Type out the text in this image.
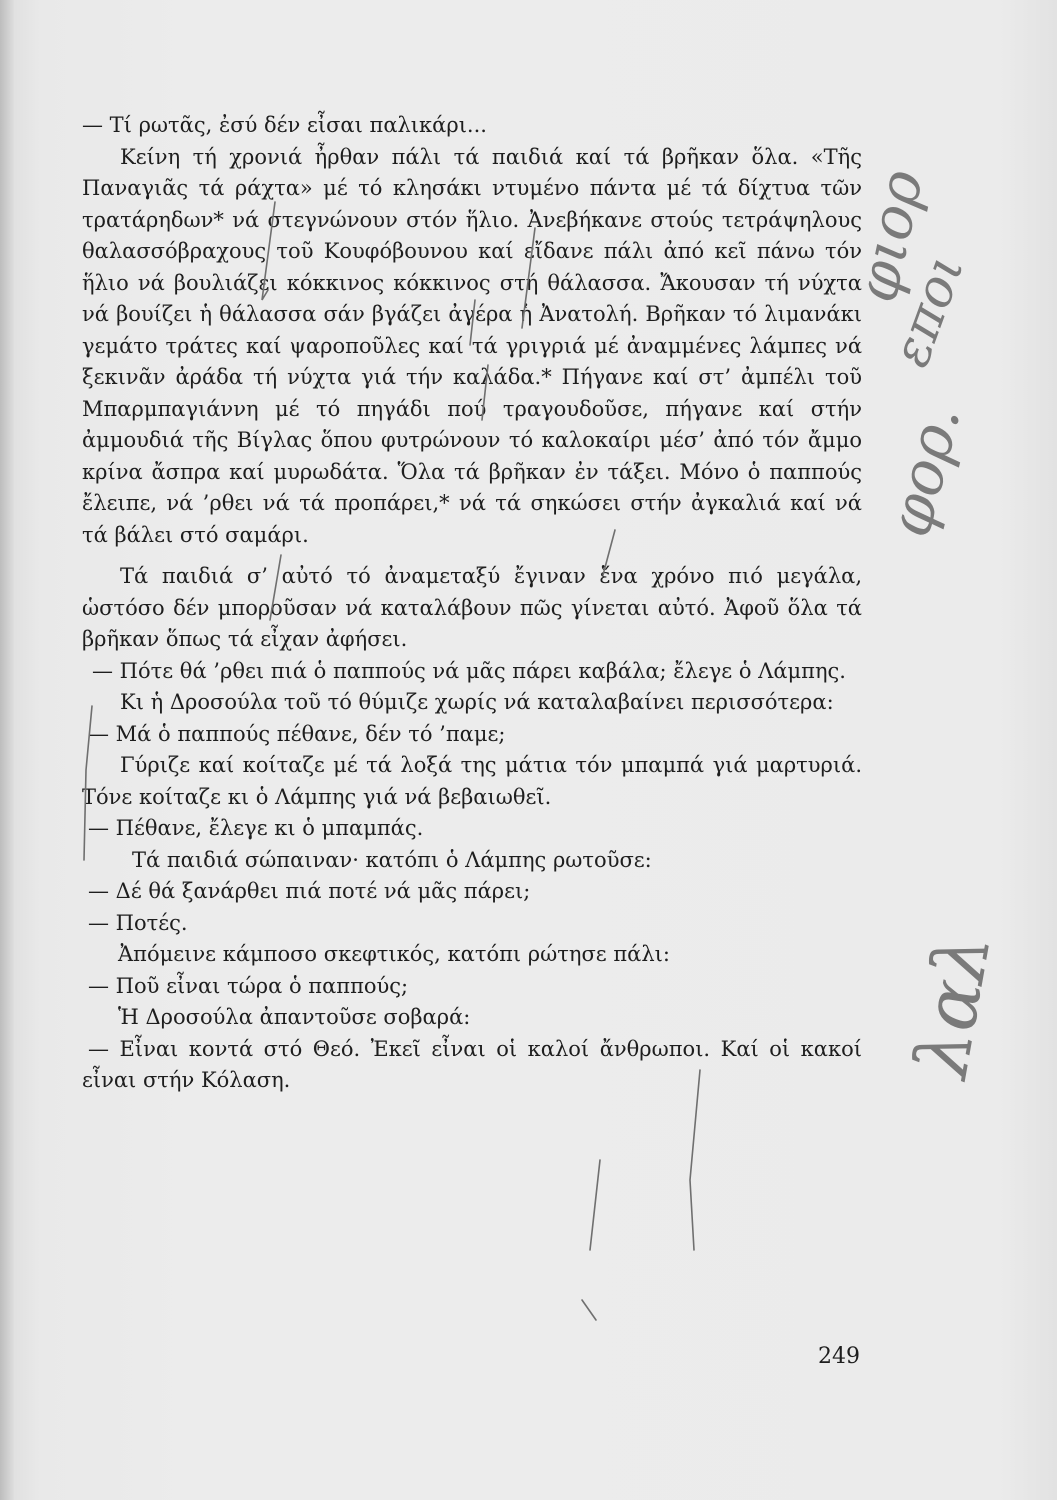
— Τί ρωτᾶς, ἐσύ δέν εἶσαι παλικάρι...

Κείνη τή χρονιά ἦρθαν πάλι τά παιδιά καί τά βρῆκαν ὅλα. «Τῆς Παναγιᾶς τά ράχτα» μέ τό κλησάκι ντυμένο πάντα μέ τά δίχτυα τῶν τρατάρηδων* νά στεγνώνουν στόν ἥλιο. Ἀνεβήκανε στούς τετράψηλους θαλασσόβραχους τοῦ Κουφόβουνου καί εἴδανε πάλι ἀπό κεῖ πάνω τόν ἥλιο νά βουλιάζει κόκκινος κόκκινος στή θάλασσα. Ἄκουσαν τή νύχτα νά βουίζει ἡ θάλασσα σάν βγάζει ἀγέρα ἡ Ἀνατολή. Βρῆκαν τό λιμανάκι γεμάτο τράτες καί ψαροποῦλες καί τά γριγριά μέ ἀναμμένες λάμπες νά ξεκινᾶν ἀράδα τή νύχτα γιά τήν καλάδα.* Πήγανε καί στ’ ἀμπέλι τοῦ Μπαρμπαγιάννη μέ τό πηγάδι πού τραγουδοῦσε, πήγανε καί στήν ἀμμουδιά τῆς Βίγλας ὅπου φυτρώνουν τό καλοκαίρι μέσ’ ἀπό τόν ἄμμο κρίνα ἄσπρα καί μυρωδάτα. Ὅλα τά βρῆκαν ἐν τάξει. Μόνο ὁ παππούς ἔλειπε, νά ’ρθει νά τά προπάρει,* νά τά σηκώσει στήν ἀγκαλιά καί νά τά βάλει στό σαμάρι.

Τά παιδιά σ’ αὐτό τό ἀναμεταξύ ἔγιναν ἕνα χρόνο πιό μεγάλα, ὡστόσο δέν μποροῦσαν νά καταλάβουν πῶς γίνεται αὐτό. Ἀφοῦ ὅλα τά βρῆκαν ὅπως τά εἶχαν ἀφήσει.

— Πότε θά ’ρθει πιά ὁ παππούς νά μᾶς πάρει καβάλα; ἔλεγε ὁ Λάμπης.

Κι ἡ Δροσούλα τοῦ τό θύμιζε χωρίς νά καταλαβαίνει περισσότερα:

— Μά ὁ παππούς πέθανε, δέν τό ’παμε;

Γύριζε καί κοίταζε μέ τά λοξά της μάτια τόν μπαμπά γιά μαρτυριά. Τόνε κοίταζε κι ὁ Λάμπης γιά νά βεβαιωθεῖ.

— Πέθανε, ἔλεγε κι ὁ μπαμπάς.

Τά παιδιά σώπαιναν· κατόπι ὁ Λάμπης ρωτοῦσε:

— Δέ θά ξανάρθει πιά ποτέ νά μᾶς πάρει;

— Ποτές.

Ἀπόμεινε κάμποσο σκεφτικός, κατόπι ρώτησε πάλι:

— Ποῦ εἶναι τώρα ὁ παππούς;

Ἡ Δροσούλα ἀπαντοῦσε σοβαρά:

— Εἶναι κοντά στό Θεό. Ἐκεῖ εἶναι οἱ καλοί ἄνθρωποι. Καί οἱ κακοί εἶναι στήν Κόλαση.

249
φιορ
εποι
φορ.
λαλ
